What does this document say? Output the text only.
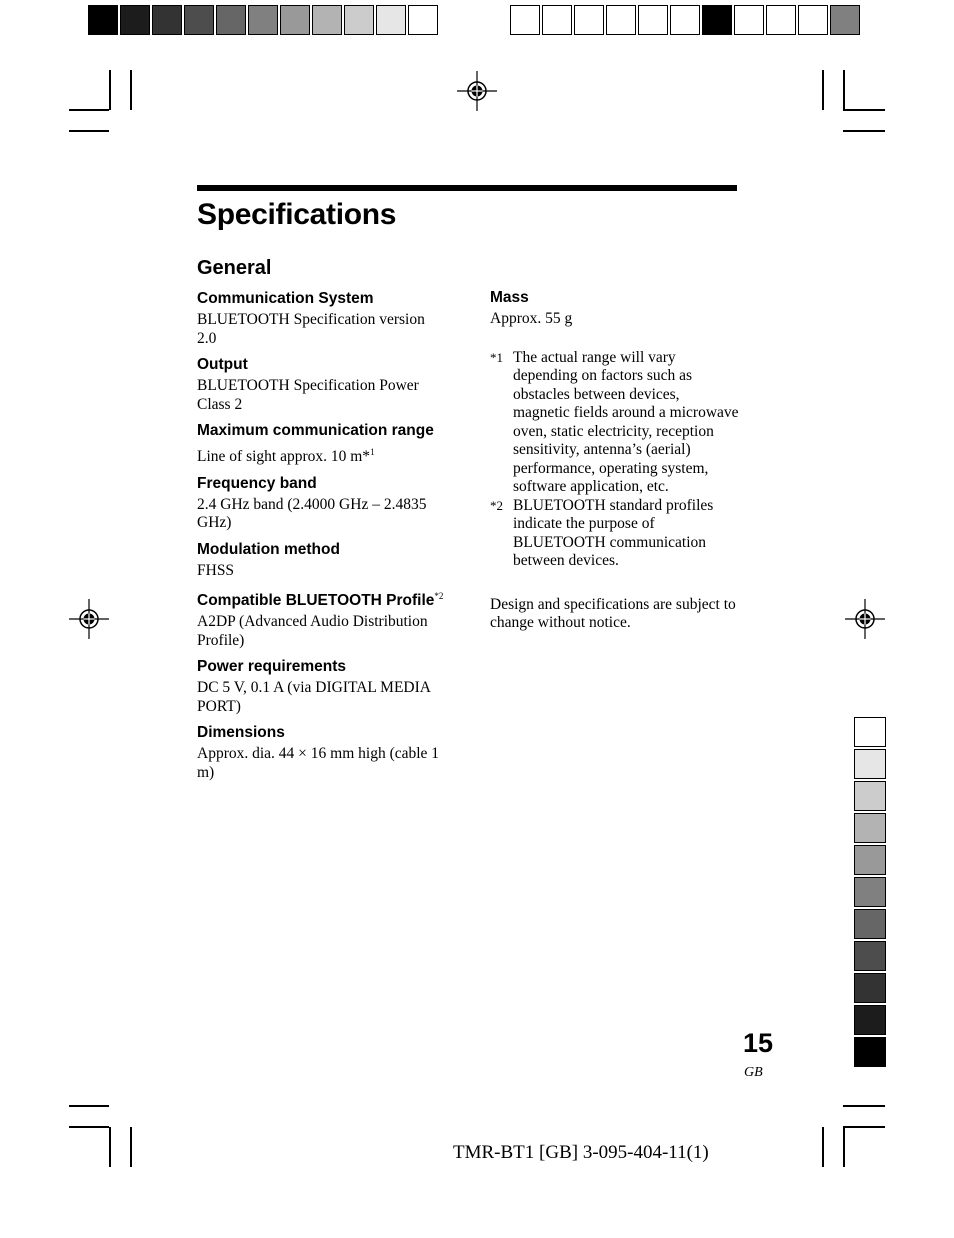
Specifications
General

Communication System

BLUETOOTH Specification version 2.0

Output

BLUETOOTH Specification Power Class 2

Maximum communication range

Line of sight approx. 10 m*$^1$

Frequency band

2.4 GHz band (2.4000 GHz – 2.4835 GHz)

Modulation method

FHSS

Compatible BLUETOOTH Profile$^{*2}$

A2DP (Advanced Audio Distribution Profile)

Power requirements

DC 5 V, 0.1 A (via DIGITAL MEDIA PORT)

Dimensions

Approx. dia. 44 × 16 mm high (cable 1 m)

Mass

Approx. 55 g

*1 The actual range will vary depending on factors such as obstacles between devices, magnetic fields around a microwave oven, static electricity, reception sensitivity, antenna’s (aerial) performance, operating system, software application, etc.
*2 BLUETOOTH standard profiles indicate the purpose of BLUETOOTH communication between devices.

Design and specifications are subject to change without notice.

15
GB
TMR-BT1 [GB] 3-095-404-11(1)
